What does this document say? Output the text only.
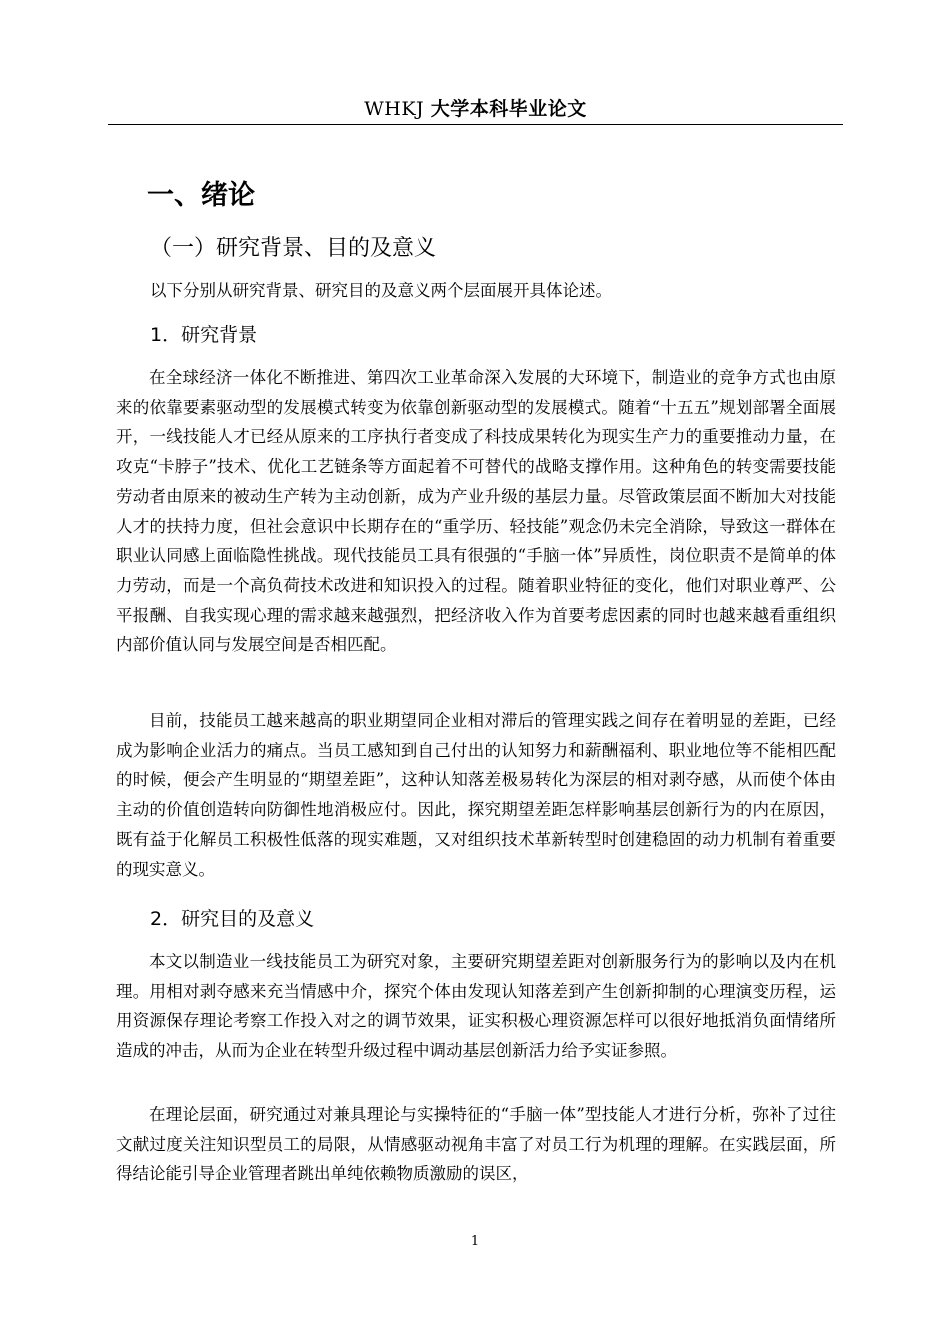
WHKJ 大学本科毕业论文
一、绪论
（一）研究背景、目的及意义
以下分别从研究背景、研究目的及意义两个层面展开具体论述。
1．研究背景
在全球经济一体化不断推进、第四次工业革命深入发展的大环境下，制造业的竞争方式也由原来的依靠要素驱动型的发展模式转变为依靠创新驱动型的发展模式。随着“十五五”规划部署全面展开，一线技能人才已经从原来的工序执行者变成了科技成果转化为现实生产力的重要推动力量，在攻克“卡脖子”技术、优化工艺链条等方面起着不可替代的战略支撑作用。这种角色的转变需要技能劳动者由原来的被动生产转为主动创新，成为产业升级的基层力量。尽管政策层面不断加大对技能人才的扶持力度，但社会意识中长期存在的“重学历、轻技能”观念仍未完全消除，导致这一群体在职业认同感上面临隐性挑战。现代技能员工具有很强的“手脑一体”异质性，岗位职责不是简单的体力劳动，而是一个高负荷技术改进和知识投入的过程。随着职业特征的变化，他们对职业尊严、公平报酬、自我实现心理的需求越来越强烈，把经济收入作为首要考虑因素的同时也越来越看重组织内部价值认同与发展空间是否相匹配。
目前，技能员工越来越高的职业期望同企业相对滞后的管理实践之间存在着明显的差距，已经成为影响企业活力的痛点。当员工感知到自己付出的认知努力和薪酬福利、职业地位等不能相匹配的时候，便会产生明显的“期望差距”，这种认知落差极易转化为深层的相对剥夺感，从而使个体由主动的价值创造转向防御性地消极应付。因此，探究期望差距怎样影响基层创新行为的内在原因，既有益于化解员工积极性低落的现实难题，又对组织技术革新转型时创建稳固的动力机制有着重要的现实意义。
2．研究目的及意义
本文以制造业一线技能员工为研究对象，主要研究期望差距对创新服务行为的影响以及内在机理。用相对剥夺感来充当情感中介，探究个体由发现认知落差到产生创新抑制的心理演变历程，运用资源保存理论考察工作投入对之的调节效果，证实积极心理资源怎样可以很好地抵消负面情绪所造成的冲击，从而为企业在转型升级过程中调动基层创新活力给予实证参照。
在理论层面，研究通过对兼具理论与实操特征的“手脑一体”型技能人才进行分析，弥补了过往文献过度关注知识型员工的局限，从情感驱动视角丰富了对员工行为机理的理解。在实践层面，所得结论能引导企业管理者跳出单纯依赖物质激励的误区，
1
